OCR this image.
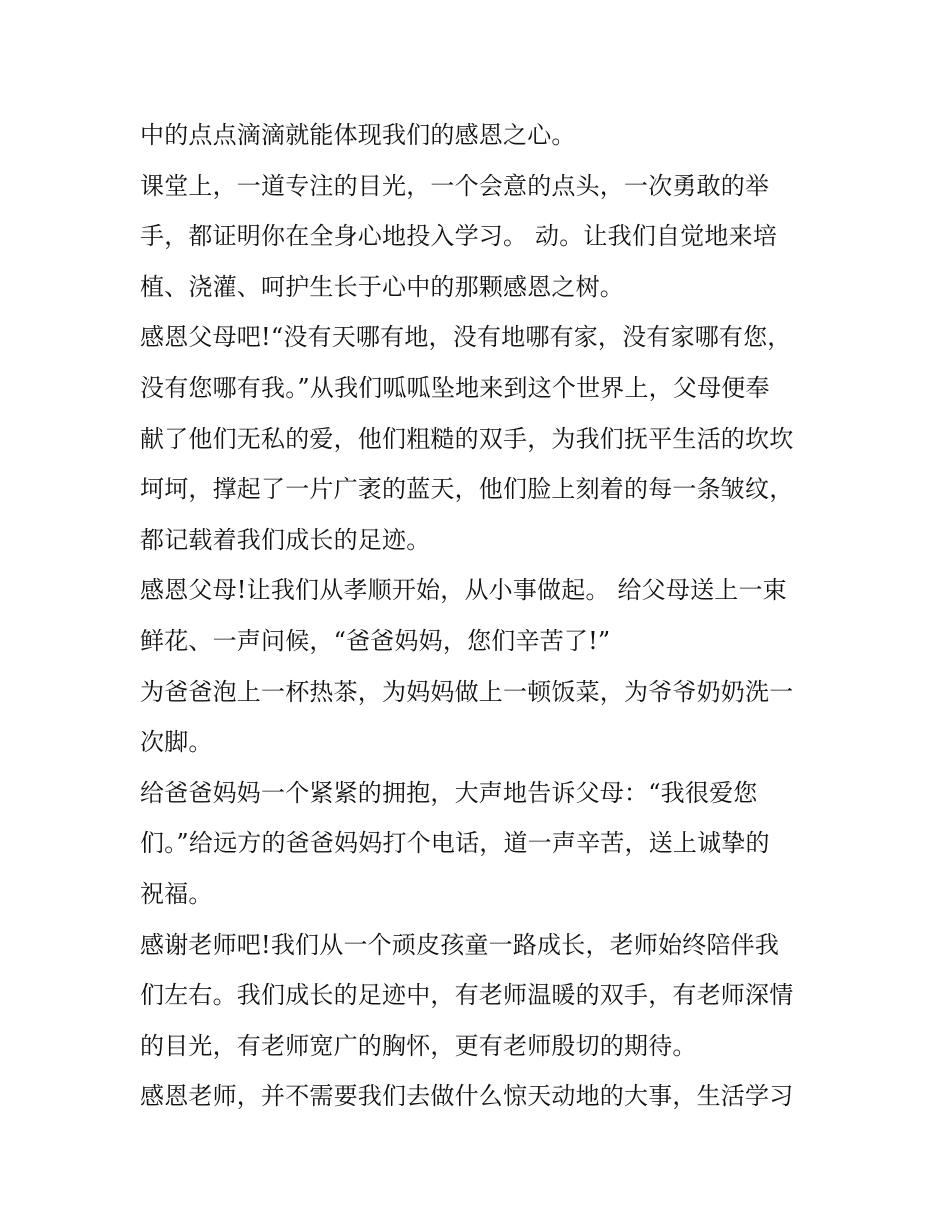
中的点点滴滴就能体现我们的感恩之心。
课堂上，一道专注的目光，一个会意的点头，一次勇敢的举
手，都证明你在全身心地投入学习。 动。让我们自觉地来培
植、浇灌、呵护生长于心中的那颗感恩之树。
感恩父母吧!“没有天哪有地，没有地哪有家，没有家哪有您，
没有您哪有我。”从我们呱呱坠地来到这个世界上，父母便奉
献了他们无私的爱，他们粗糙的双手，为我们抚平生活的坎坎
坷坷，撑起了一片广袤的蓝天，他们脸上刻着的每一条皱纹，
都记载着我们成长的足迹。
感恩父母!让我们从孝顺开始，从小事做起。 给父母送上一束
鲜花、一声问候，“爸爸妈妈，您们辛苦了!”
为爸爸泡上一杯热茶，为妈妈做上一顿饭菜，为爷爷奶奶洗一
次脚。
给爸爸妈妈一个紧紧的拥抱，大声地告诉父母：“我很爱您
们。”给远方的爸爸妈妈打个电话，道一声辛苦，送上诚挚的
祝福。
感谢老师吧!我们从一个顽皮孩童一路成长，老师始终陪伴我
们左右。我们成长的足迹中，有老师温暖的双手，有老师深情
的目光，有老师宽广的胸怀，更有老师殷切的期待。
感恩老师，并不需要我们去做什么惊天动地的大事，生活学习
